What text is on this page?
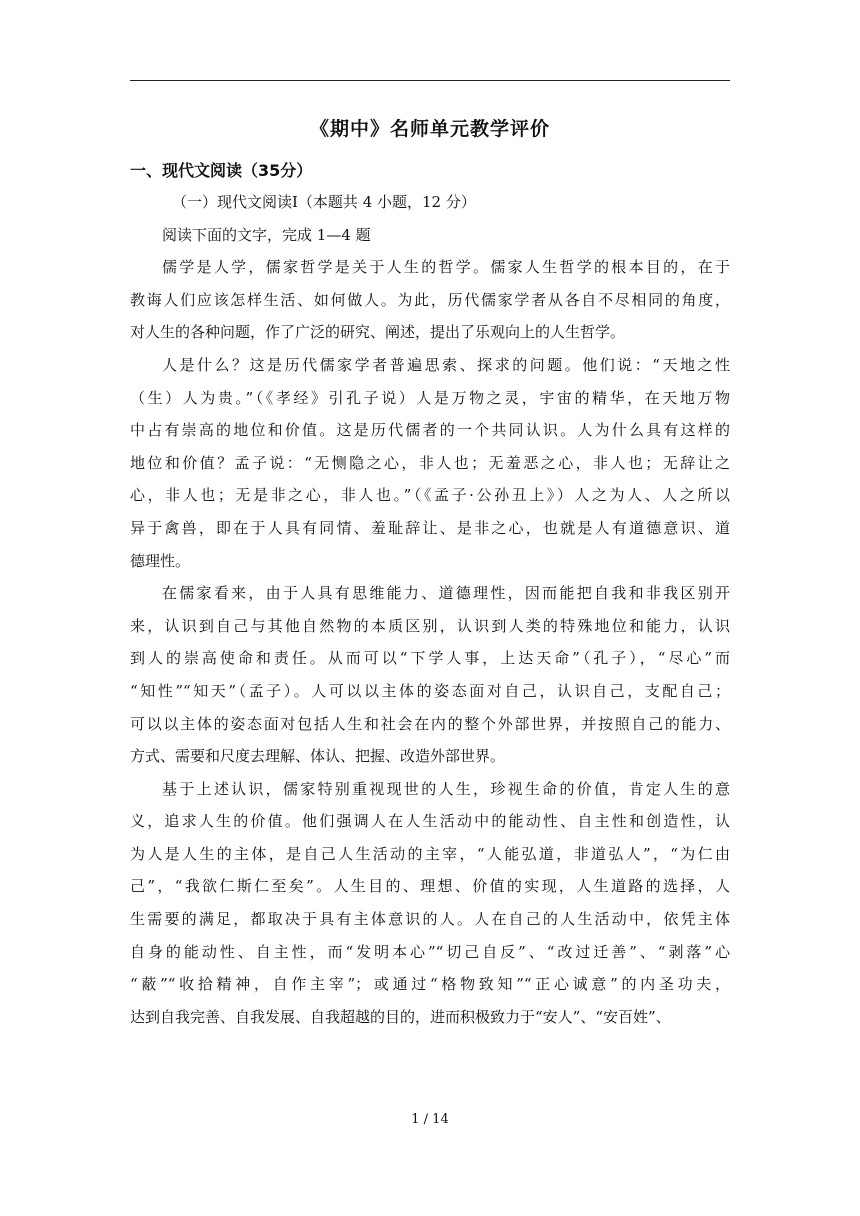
《期中》名师单元教学评价
一、现代文阅读（35分）
（一）现代文阅读Ⅰ（本题共 4 小题，12 分）
阅读下面的文字，完成 1—4 题
儒学是人学，儒家哲学是关于人生的哲学。儒家人生哲学的根本目的，在于
教诲人们应该怎样生活、如何做人。为此，历代儒家学者从各自不尽相同的角度，
对人生的各种问题，作了广泛的研究、阐述，提出了乐观向上的人生哲学。
人是什么？这是历代儒家学者普遍思索、探求的问题。他们说：“天地之性
（生）人为贵。”（《孝经》引孔子说）人是万物之灵，宇宙的精华，在天地万物
中占有崇高的地位和价值。这是历代儒者的一个共同认识。人为什么具有这样的
地位和价值？孟子说：“无恻隐之心，非人也；无羞恶之心，非人也；无辞让之
心，非人也；无是非之心，非人也。”（《孟子·公孙丑上》）人之为人、人之所以
异于禽兽，即在于人具有同情、羞耻辞让、是非之心，也就是人有道德意识、道
德理性。
在儒家看来，由于人具有思维能力、道德理性，因而能把自我和非我区别开
来，认识到自己与其他自然物的本质区别，认识到人类的特殊地位和能力，认识
到人的崇高使命和责任。从而可以“下学人事，上达天命”（孔子），“尽心”而
“知性”“知天”（孟子）。人可以以主体的姿态面对自己，认识自己，支配自己；
可以以主体的姿态面对包括人生和社会在内的整个外部世界，并按照自己的能力、
方式、需要和尺度去理解、体认、把握、改造外部世界。
基于上述认识，儒家特别重视现世的人生，珍视生命的价值，肯定人生的意
义，追求人生的价值。他们强调人在人生活动中的能动性、自主性和创造性，认
为人是人生的主体，是自己人生活动的主宰，“人能弘道，非道弘人”，“为仁由
己”，“我欲仁斯仁至矣”。人生目的、理想、价值的实现，人生道路的选择，人
生需要的满足，都取决于具有主体意识的人。人在自己的人生活动中，依凭主体
自身的能动性、自主性，而“发明本心”“切己自反”、“改过迁善”、“剥落”心
“蔽”“收拾精神，自作主宰”；或通过“格物致知”“正心诚意”的内圣功夫，
达到自我完善、自我发展、自我超越的目的，进而积极致力于“安人”、“安百姓”、
1 / 14
